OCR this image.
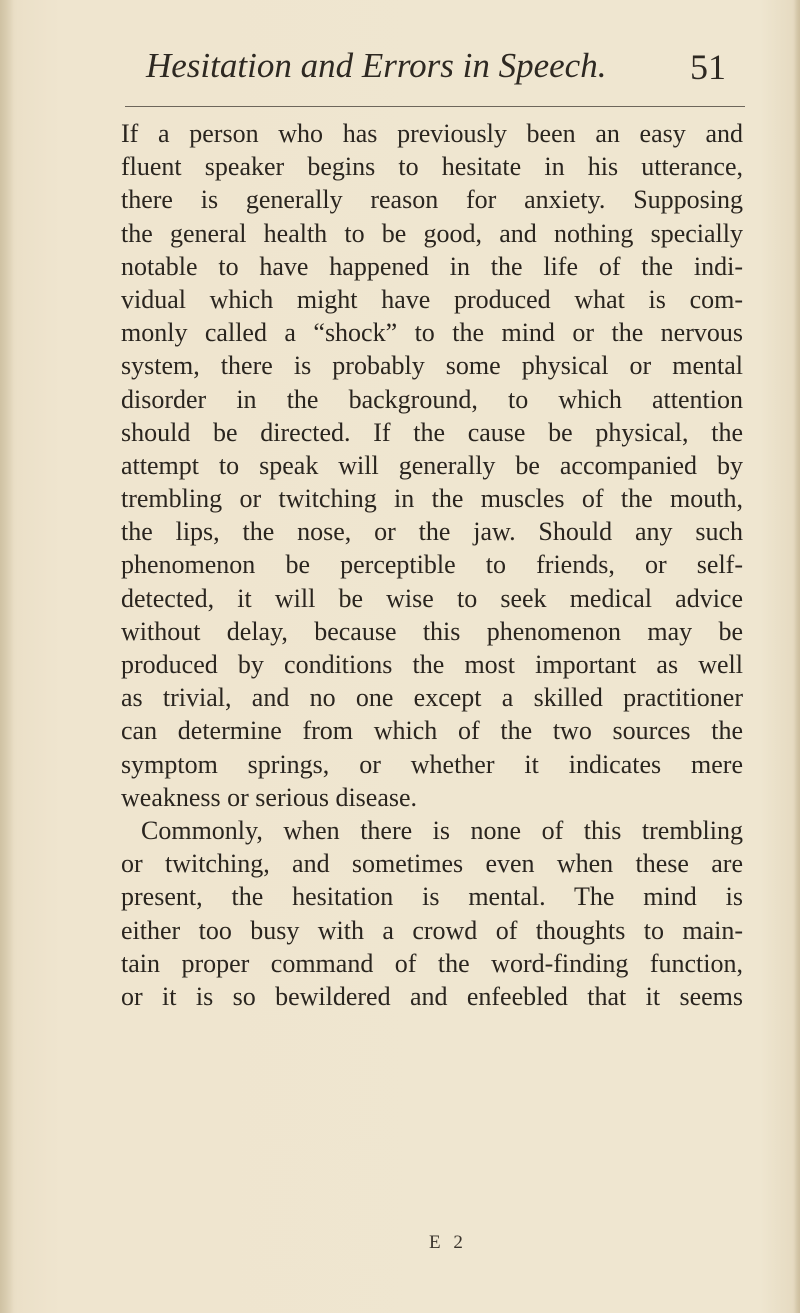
Hesitation and Errors in Speech.	51
If a person who has previously been an easy and
fluent speaker begins to hesitate in his utterance,
there is generally reason for anxiety. Supposing
the general health to be good, and nothing specially
notable to have happened in the life of the indi-
vidual which might have produced what is com-
monly called a “shock” to the mind or the nervous
system, there is probably some physical or mental
disorder in the background, to which attention
should be directed. If the cause be physical, the
attempt to speak will generally be accompanied by
trembling or twitching in the muscles of the mouth,
the lips, the nose, or the jaw. Should any such
phenomenon be perceptible to friends, or self-
detected, it will be wise to seek medical advice
without delay, because this phenomenon may be
produced by conditions the most important as well
as trivial, and no one except a skilled practitioner
can determine from which of the two sources the
symptom springs, or whether it indicates mere
weakness or serious disease.
Commonly, when there is none of this trembling
or twitching, and sometimes even when these are
present, the hesitation is mental. The mind is
either too busy with a crowd of thoughts to main-
tain proper command of the word-finding function,
or it is so bewildered and enfeebled that it seems
E 2
